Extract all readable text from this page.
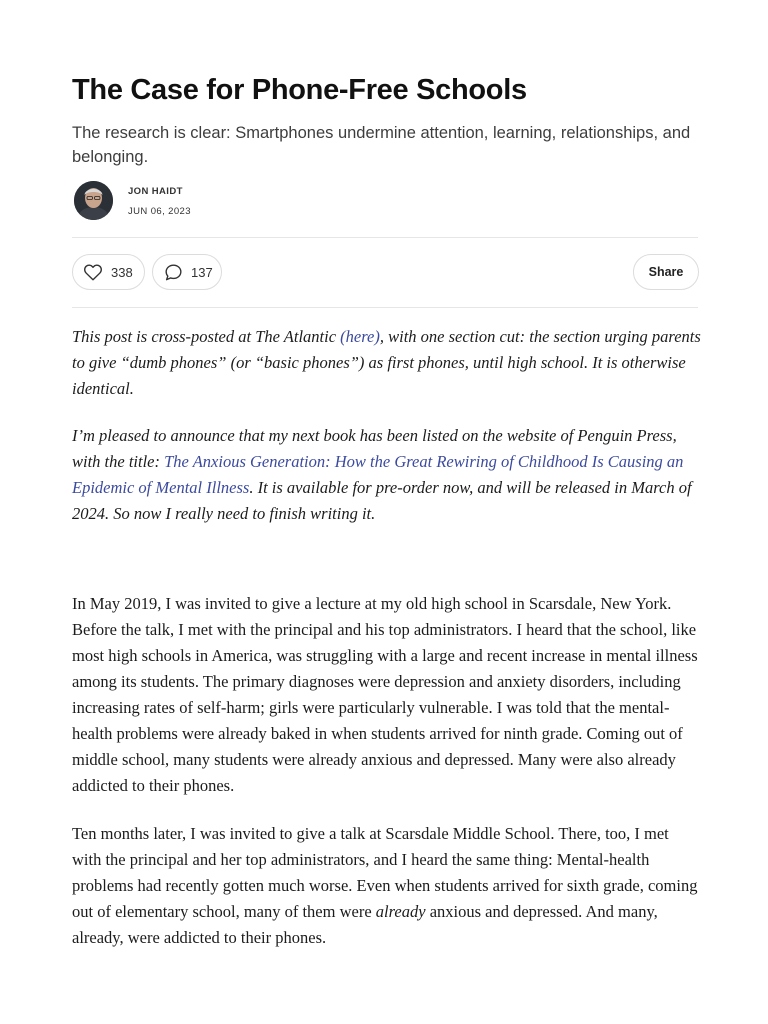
The Case for Phone-Free Schools

The research is clear: Smartphones undermine attention, learning, relationships, and belonging.

JON HAIDT
JUN 06, 2023
338	137	Share

This post is cross-posted at The Atlantic (here), with one section cut: the section urging parents to give “dumb phones” (or “basic phones”) as first phones, until high school. It is otherwise identical.

I’m pleased to announce that my next book has been listed on the website of Penguin Press, with the title: The Anxious Generation: How the Great Rewiring of Childhood Is Causing an Epidemic of Mental Illness. It is available for pre-order now, and will be released in March of 2024. So now I really need to finish writing it.

In May 2019, I was invited to give a lecture at my old high school in Scarsdale, New York. Before the talk, I met with the principal and his top administrators. I heard that the school, like most high schools in America, was struggling with a large and recent increase in mental illness among its students. The primary diagnoses were depression and anxiety disorders, including increasing rates of self-harm; girls were particularly vulnerable. I was told that the mental- health problems were already baked in when students arrived for ninth grade. Coming out of middle school, many students were already anxious and depressed. Many were also already addicted to their phones.

Ten months later, I was invited to give a talk at Scarsdale Middle School. There, too, I met with the principal and her top administrators, and I heard the same thing: Mental-health problems had recently gotten much worse. Even when students arrived for sixth grade, coming out of elementary school, many of them were already anxious and depressed. And many, already, were addicted to their phones.
